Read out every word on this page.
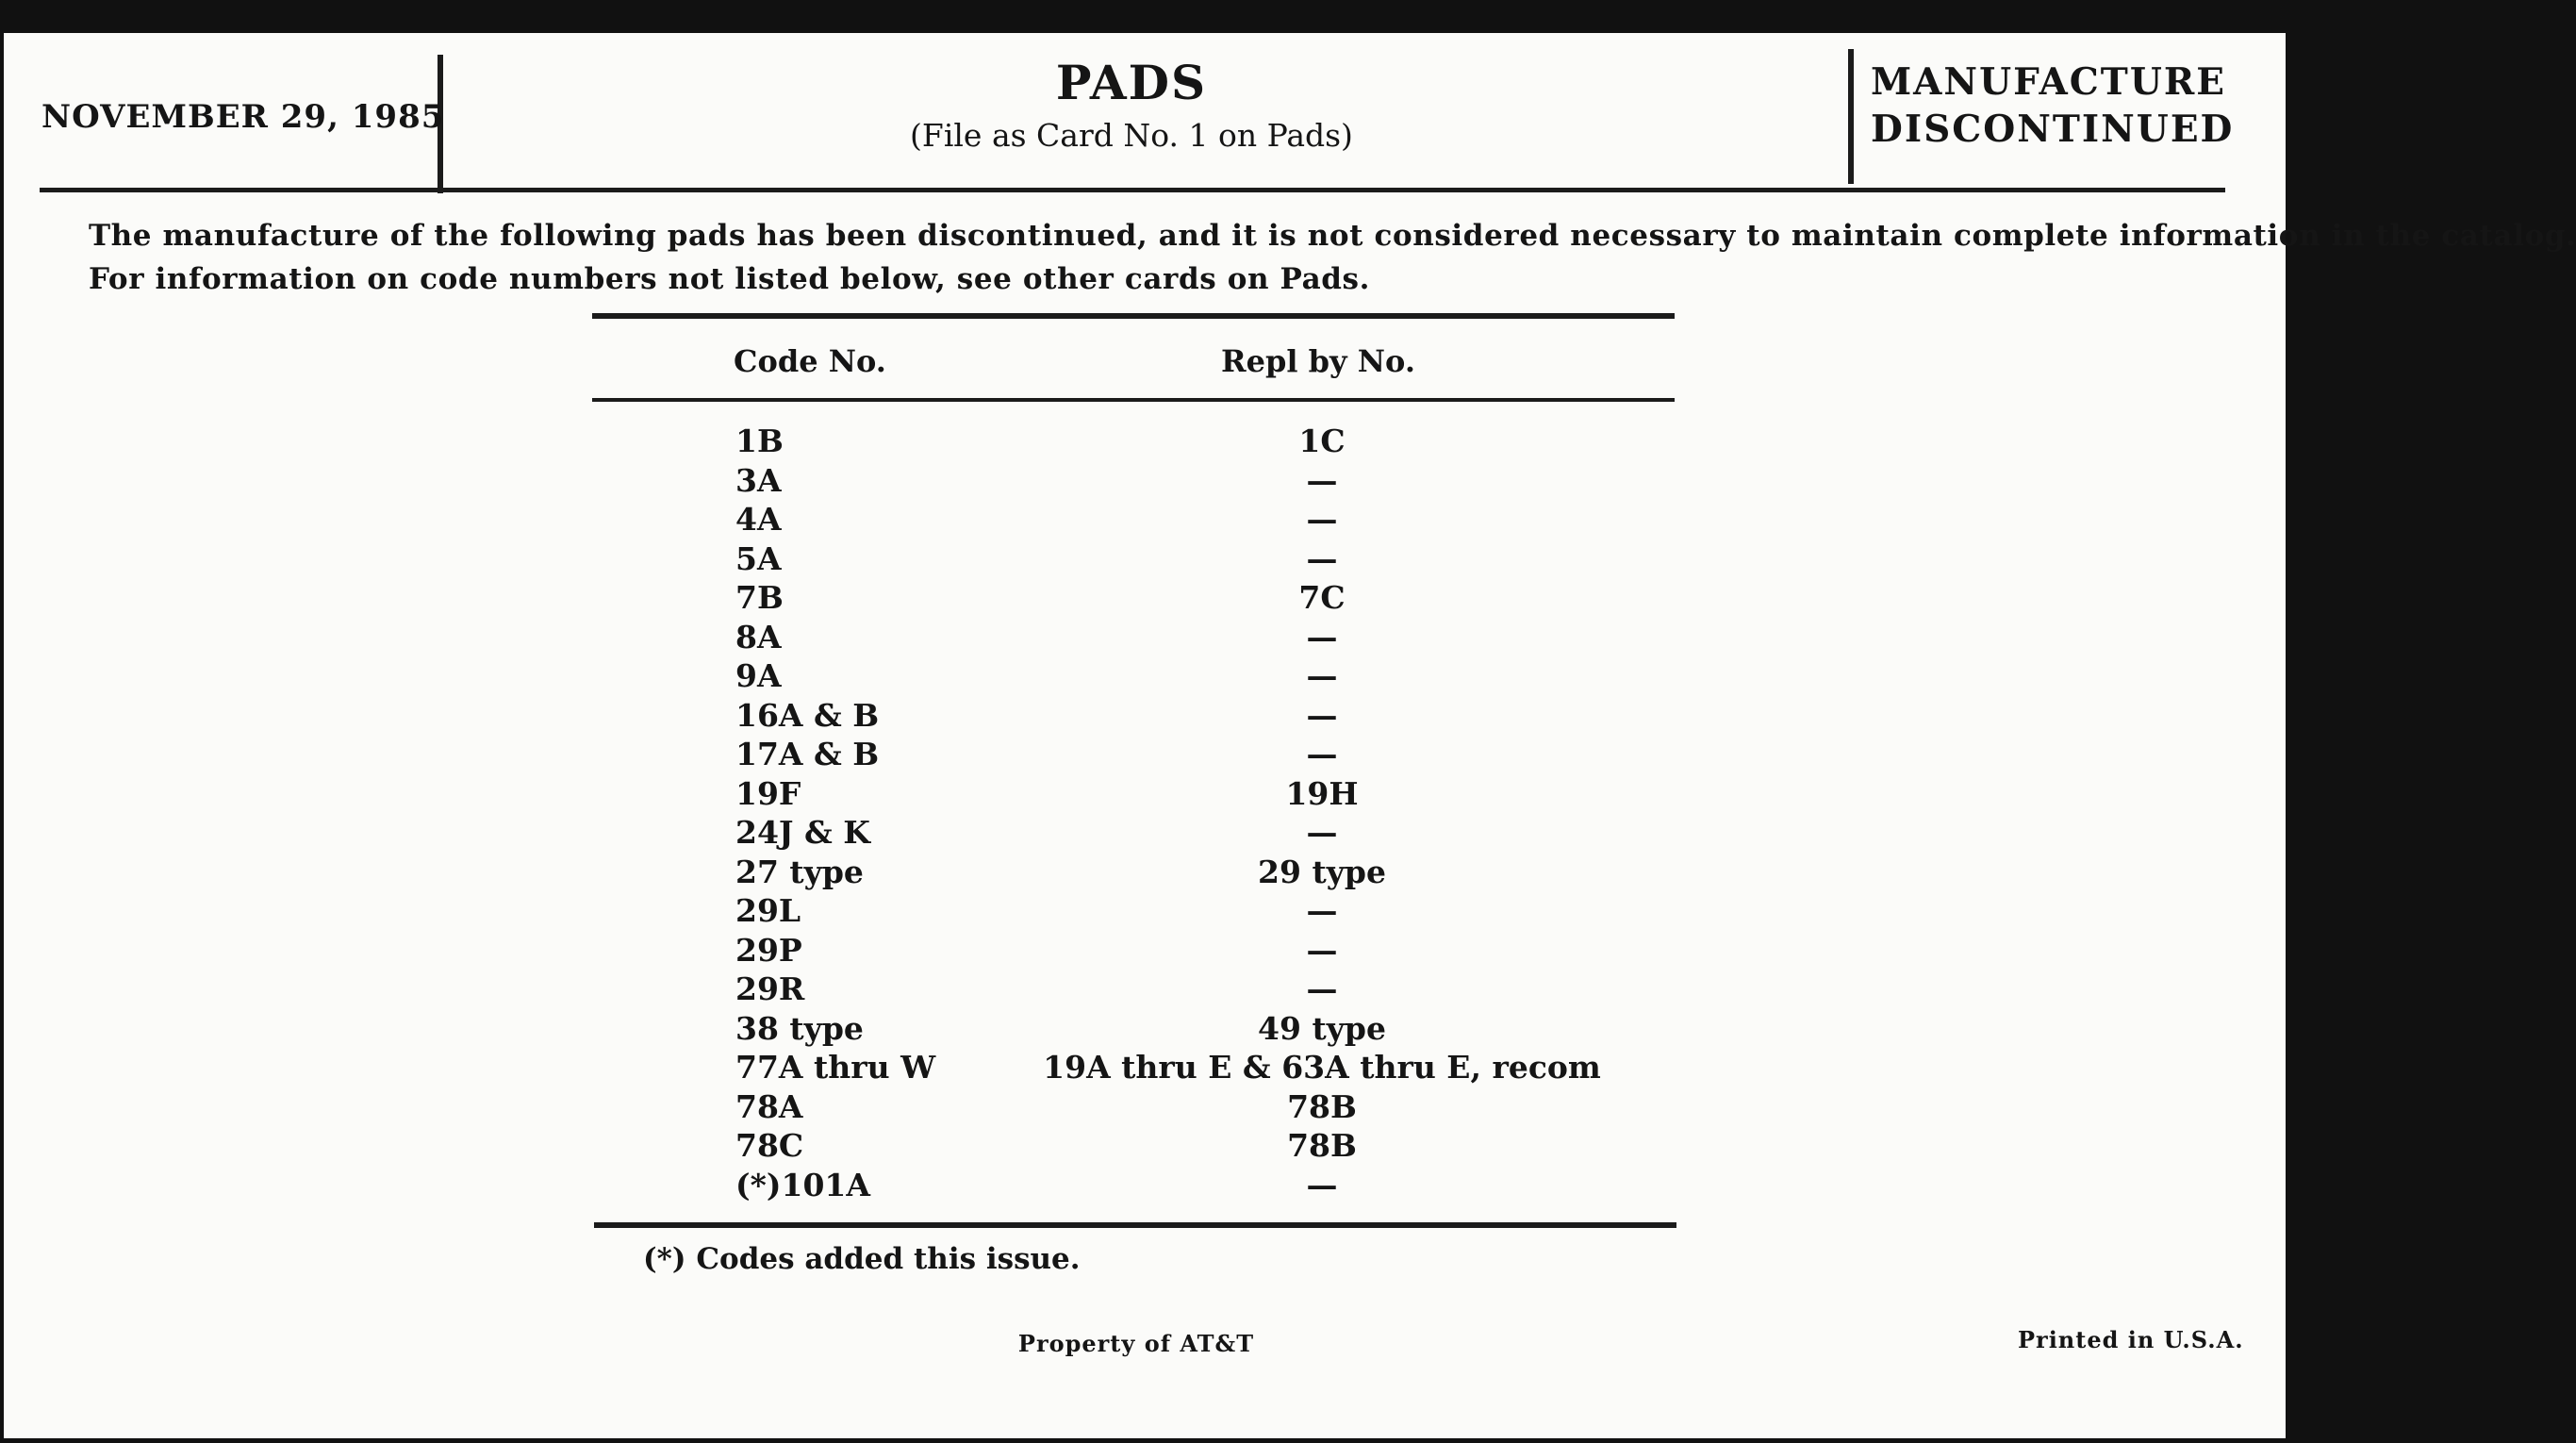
NOVEMBER 29, 1985
PADS
(File as Card No. 1 on Pads)
MANUFACTURE
DISCONTINUED
The manufacture of the following pads has been discontinued, and it is not considered necessary to maintain complete information in the catalog.
For information on code numbers not listed below, see other cards on Pads.
Code No.	Repl by No.
1B	1C
3A	—
4A	—
5A	—
7B	7C
8A	—
9A	—
16A & B	—
17A & B	—
19F	19H
24J & K	—
27 type	29 type
29L	—
29P	—
29R	—
38 type	49 type
77A thru W	19A thru E & 63A thru E, recom
78A	78B
78C	78B
(*)101A	—
(*) Codes added this issue.
Property of AT&T	Printed in U.S.A.
